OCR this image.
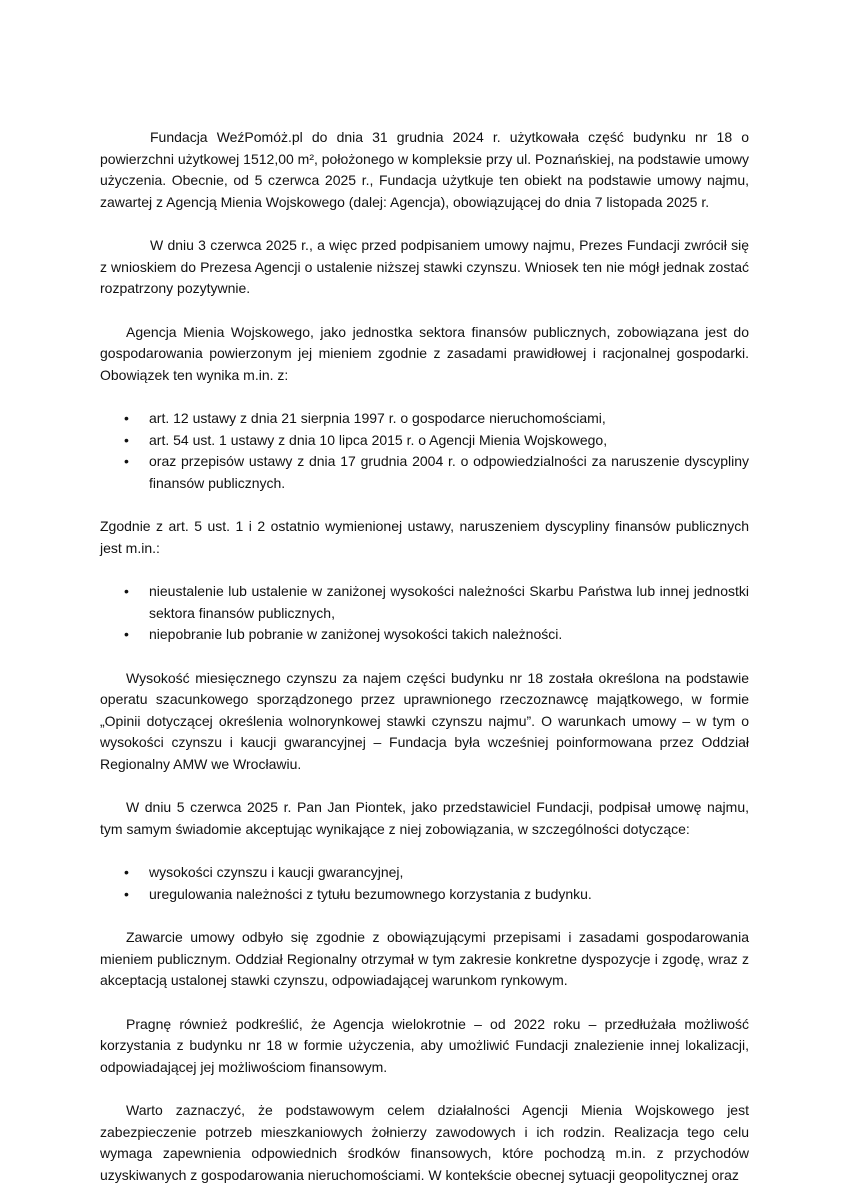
Fundacja WeźPomóż.pl do dnia 31 grudnia 2024 r. użytkowała część budynku nr 18 o powierzchni użytkowej 1512,00 m², położonego w kompleksie przy ul. Poznańskiej, na podstawie umowy użyczenia. Obecnie, od 5 czerwca 2025 r., Fundacja użytkuje ten obiekt na podstawie umowy najmu, zawartej z Agencją Mienia Wojskowego (dalej: Agencja), obowiązującej do dnia 7 listopada 2025 r.

W dniu 3 czerwca 2025 r., a więc przed podpisaniem umowy najmu, Prezes Fundacji zwrócił się z wnioskiem do Prezesa Agencji o ustalenie niższej stawki czynszu. Wniosek ten nie mógł jednak zostać rozpatrzony pozytywnie.

Agencja Mienia Wojskowego, jako jednostka sektora finansów publicznych, zobowiązana jest do gospodarowania powierzonym jej mieniem zgodnie z zasadami prawidłowej i racjonalnej gospodarki. Obowiązek ten wynika m.in. z:

• art. 12 ustawy z dnia 21 sierpnia 1997 r. o gospodarce nieruchomościami,
• art. 54 ust. 1 ustawy z dnia 10 lipca 2015 r. o Agencji Mienia Wojskowego,
• oraz przepisów ustawy z dnia 17 grudnia 2004 r. o odpowiedzialności za naruszenie dyscypliny finansów publicznych.

Zgodnie z art. 5 ust. 1 i 2 ostatnio wymienionej ustawy, naruszeniem dyscypliny finansów publicznych jest m.in.:

• nieustalenie lub ustalenie w zaniżonej wysokości należności Skarbu Państwa lub innej jednostki sektora finansów publicznych,
• niepobranie lub pobranie w zaniżonej wysokości takich należności.

Wysokość miesięcznego czynszu za najem części budynku nr 18 została określona na podstawie operatu szacunkowego sporządzonego przez uprawnionego rzeczoznawcę majątkowego, w formie „Opinii dotyczącej określenia wolnorynkowej stawki czynszu najmu”. O warunkach umowy – w tym o wysokości czynszu i kaucji gwarancyjnej – Fundacja była wcześniej poinformowana przez Oddział Regionalny AMW we Wrocławiu.

W dniu 5 czerwca 2025 r. Pan Jan Piontek, jako przedstawiciel Fundacji, podpisał umowę najmu, tym samym świadomie akceptując wynikające z niej zobowiązania, w szczególności dotyczące:

• wysokości czynszu i kaucji gwarancyjnej,
• uregulowania należności z tytułu bezumownego korzystania z budynku.

Zawarcie umowy odbyło się zgodnie z obowiązującymi przepisami i zasadami gospodarowania mieniem publicznym. Oddział Regionalny otrzymał w tym zakresie konkretne dyspozycje i zgodę, wraz z akceptacją ustalonej stawki czynszu, odpowiadającej warunkom rynkowym.

Pragnę również podkreślić, że Agencja wielokrotnie – od 2022 roku – przedłużała możliwość korzystania z budynku nr 18 w formie użyczenia, aby umożliwić Fundacji znalezienie innej lokalizacji, odpowiadającej jej możliwościom finansowym.

Warto zaznaczyć, że podstawowym celem działalności Agencji Mienia Wojskowego jest zabezpieczenie potrzeb mieszkaniowych żołnierzy zawodowych i ich rodzin. Realizacja tego celu wymaga zapewnienia odpowiednich środków finansowych, które pochodzą m.in. z przychodów uzyskiwanych z gospodarowania nieruchomościami. W kontekście obecnej sytuacji geopolitycznej oraz
